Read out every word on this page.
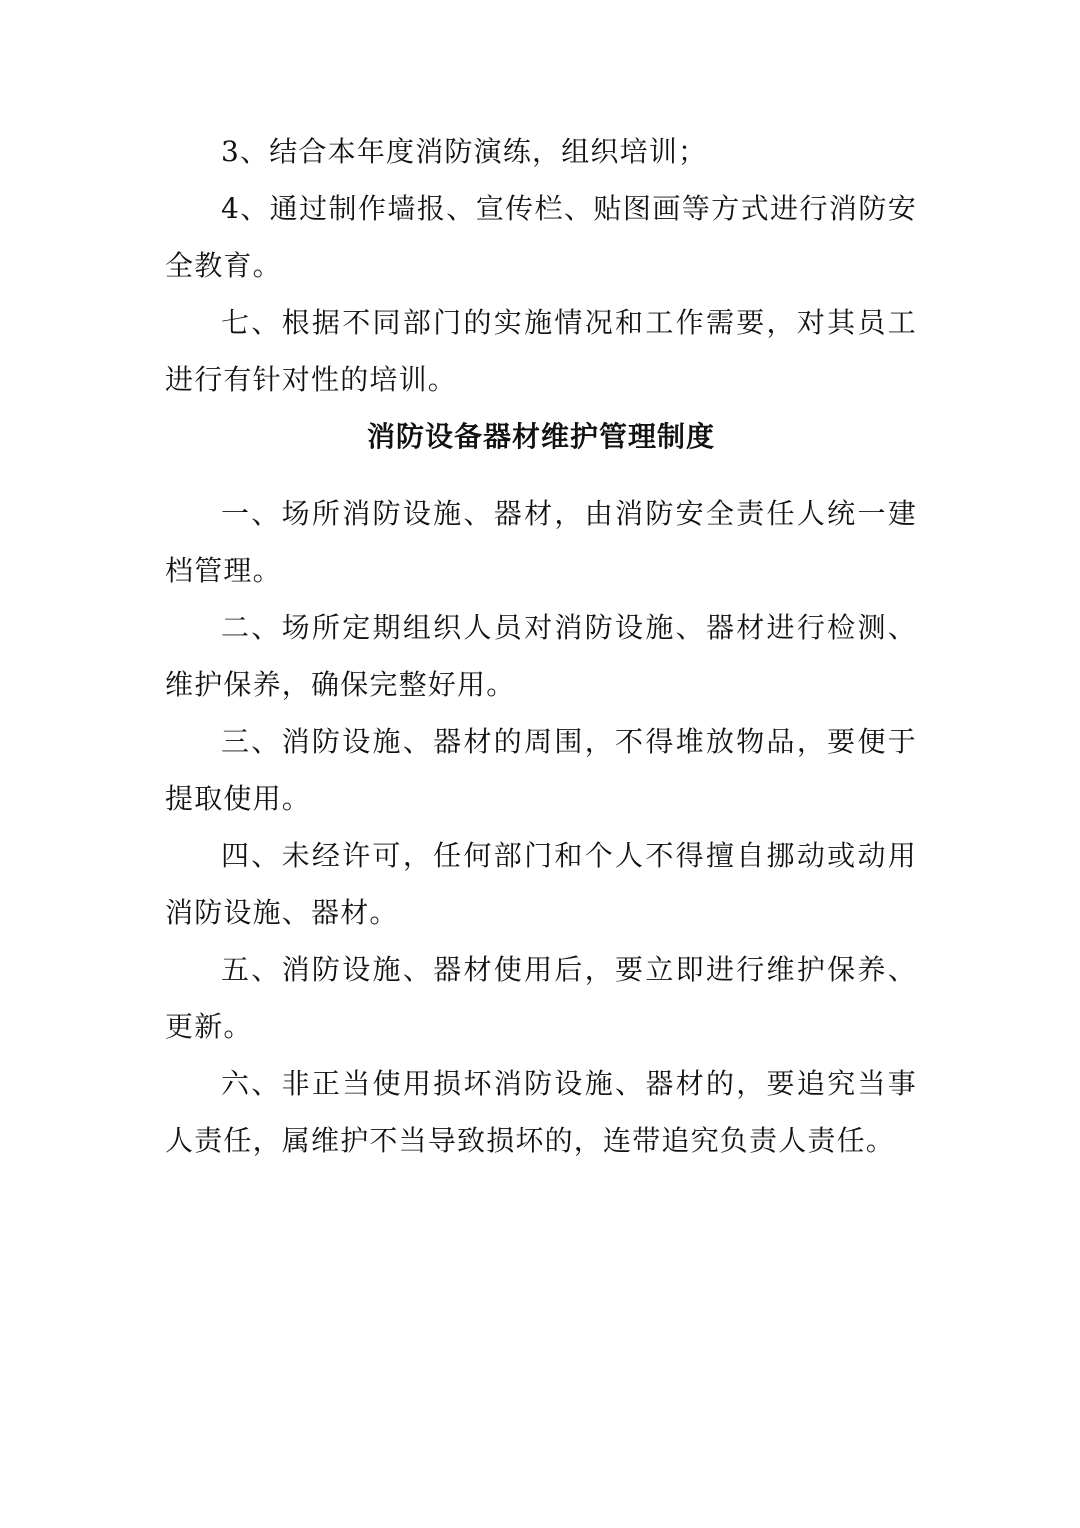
3、结合本年度消防演练，组织培训；

4、通过制作墙报、宣传栏、贴图画等方式进行消防安全教育。

七、根据不同部门的实施情况和工作需要，对其员工进行有针对性的培训。

消防设备器材维护管理制度

一、场所消防设施、器材，由消防安全责任人统一建档管理。

二、场所定期组织人员对消防设施、器材进行检测、维护保养，确保完整好用。

三、消防设施、器材的周围，不得堆放物品，要便于提取使用。

四、未经许可，任何部门和个人不得擅自挪动或动用消防设施、器材。

五、消防设施、器材使用后，要立即进行维护保养、更新。

六、非正当使用损坏消防设施、器材的，要追究当事人责任，属维护不当导致损坏的，连带追究负责人责任。
